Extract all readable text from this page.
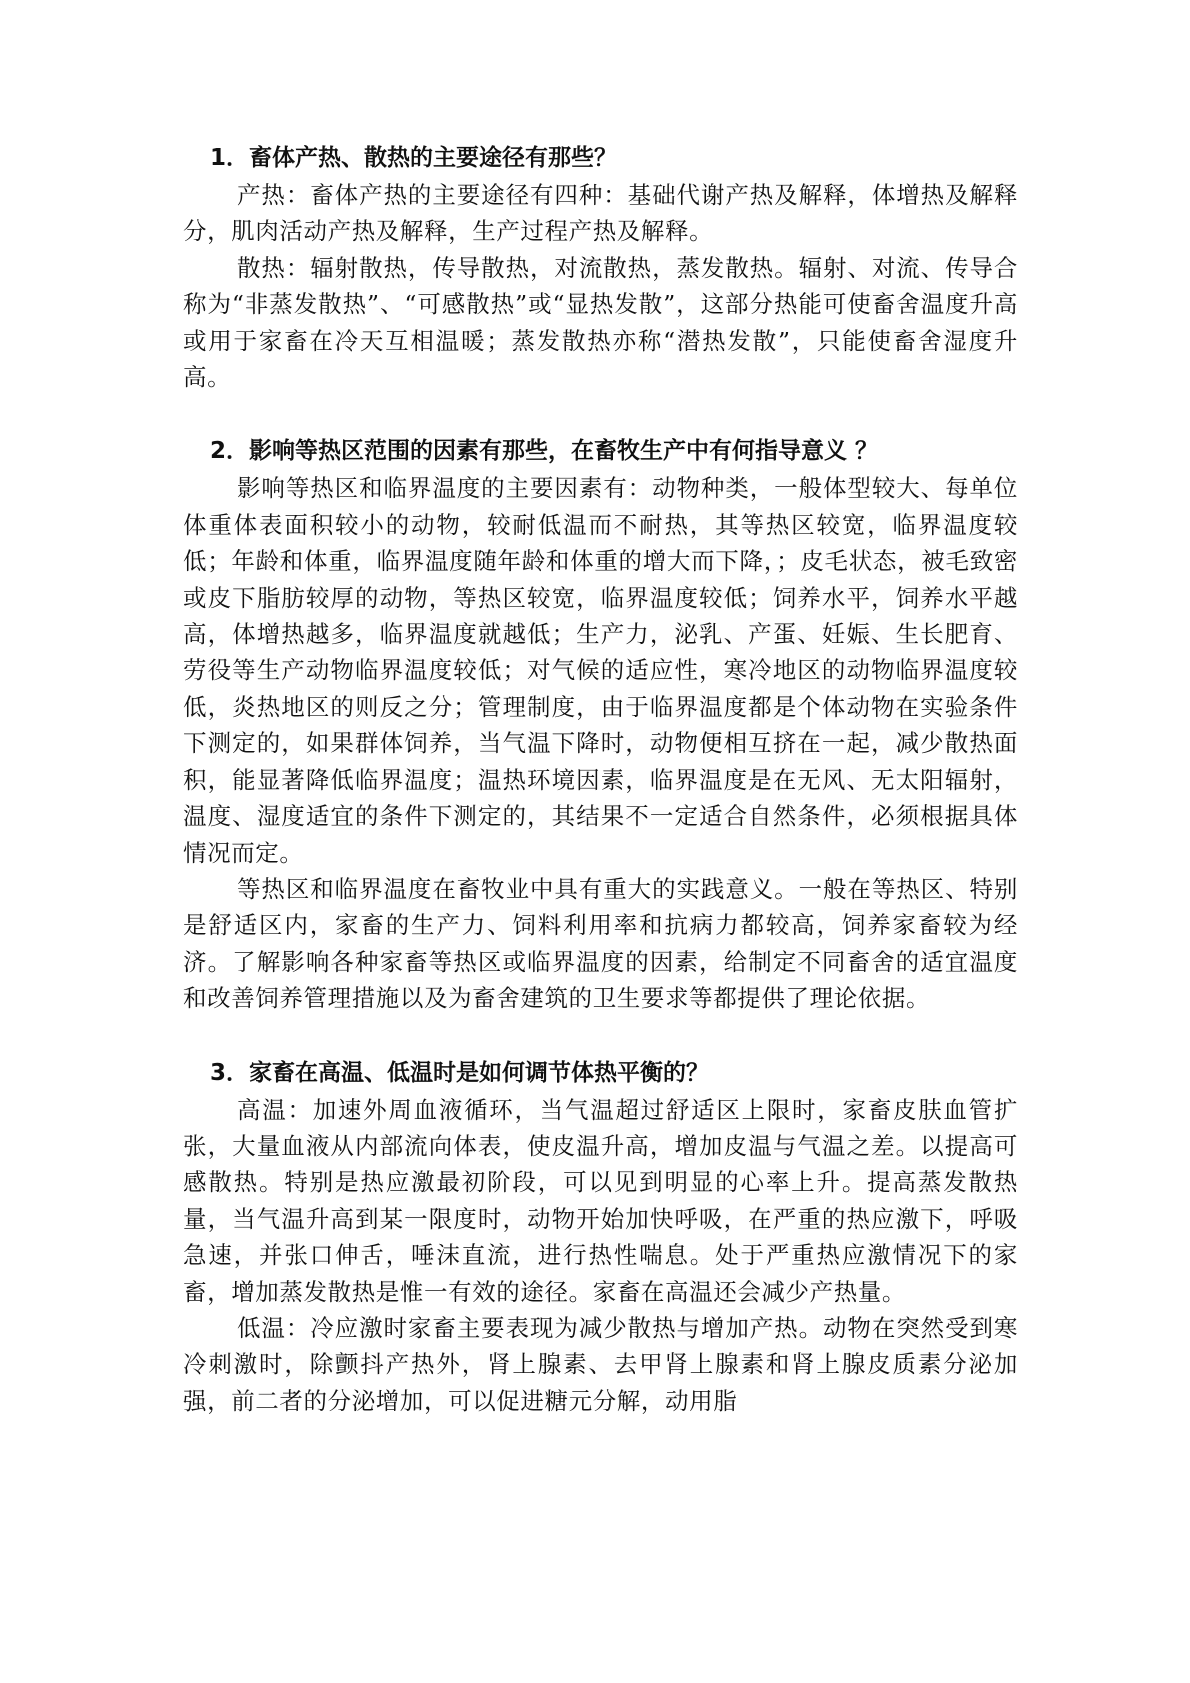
1．畜体产热、散热的主要途径有那些？

产热：畜体产热的主要途径有四种：基础代谢产热及解释，体增热及解释分，肌肉活动产热及解释，生产过程产热及解释。

散热：辐射散热，传导散热，对流散热，蒸发散热。辐射、对流、传导合称为“非蒸发散热”、“可感散热”或“显热发散”，这部分热能可使畜舍温度升高或用于家畜在冷天互相温暖；蒸发散热亦称“潜热发散”，只能使畜舍湿度升高。

2．影响等热区范围的因素有那些，在畜牧生产中有何指导意义 ？

影响等热区和临界温度的主要因素有：动物种类，一般体型较大、每单位体重体表面积较小的动物，较耐低温而不耐热，其等热区较宽，临界温度较低；年龄和体重，临界温度随年龄和体重的增大而下降，；皮毛状态，被毛致密或皮下脂肪较厚的动物，等热区较宽，临界温度较低；饲养水平，饲养水平越高，体增热越多，临界温度就越低；生产力，泌乳、产蛋、妊娠、生长肥育、劳役等生产动物临界温度较低；对气候的适应性，寒冷地区的动物临界温度较低，炎热地区的则反之分；管理制度，由于临界温度都是个体动物在实验条件下测定的，如果群体饲养，当气温下降时，动物便相互挤在一起，减少散热面积，能显著降低临界温度；温热环境因素，临界温度是在无风、无太阳辐射，温度、湿度适宜的条件下测定的，其结果不一定适合自然条件，必须根据具体情况而定。

等热区和临界温度在畜牧业中具有重大的实践意义。一般在等热区、特别是舒适区内，家畜的生产力、饲料利用率和抗病力都较高，饲养家畜较为经济。了解影响各种家畜等热区或临界温度的因素，给制定不同畜舍的适宜温度和改善饲养管理措施以及为畜舍建筑的卫生要求等都提供了理论依据。

3．家畜在高温、低温时是如何调节体热平衡的？

高温：加速外周血液循环，当气温超过舒适区上限时，家畜皮肤血管扩张，大量血液从内部流向体表，使皮温升高，增加皮温与气温之差。以提高可感散热。特别是热应激最初阶段，可以见到明显的心率上升。提高蒸发散热量，当气温升高到某一限度时，动物开始加快呼吸，在严重的热应激下，呼吸急速，并张口伸舌，唾沫直流，进行热性喘息。处于严重热应激情况下的家畜，增加蒸发散热是惟一有效的途径。家畜在高温还会减少产热量。

低温：冷应激时家畜主要表现为减少散热与增加产热。动物在突然受到寒冷刺激时，除颤抖产热外，肾上腺素、去甲肾上腺素和肾上腺皮质素分泌加强，前二者的分泌增加，可以促进糖元分解，动用脂
